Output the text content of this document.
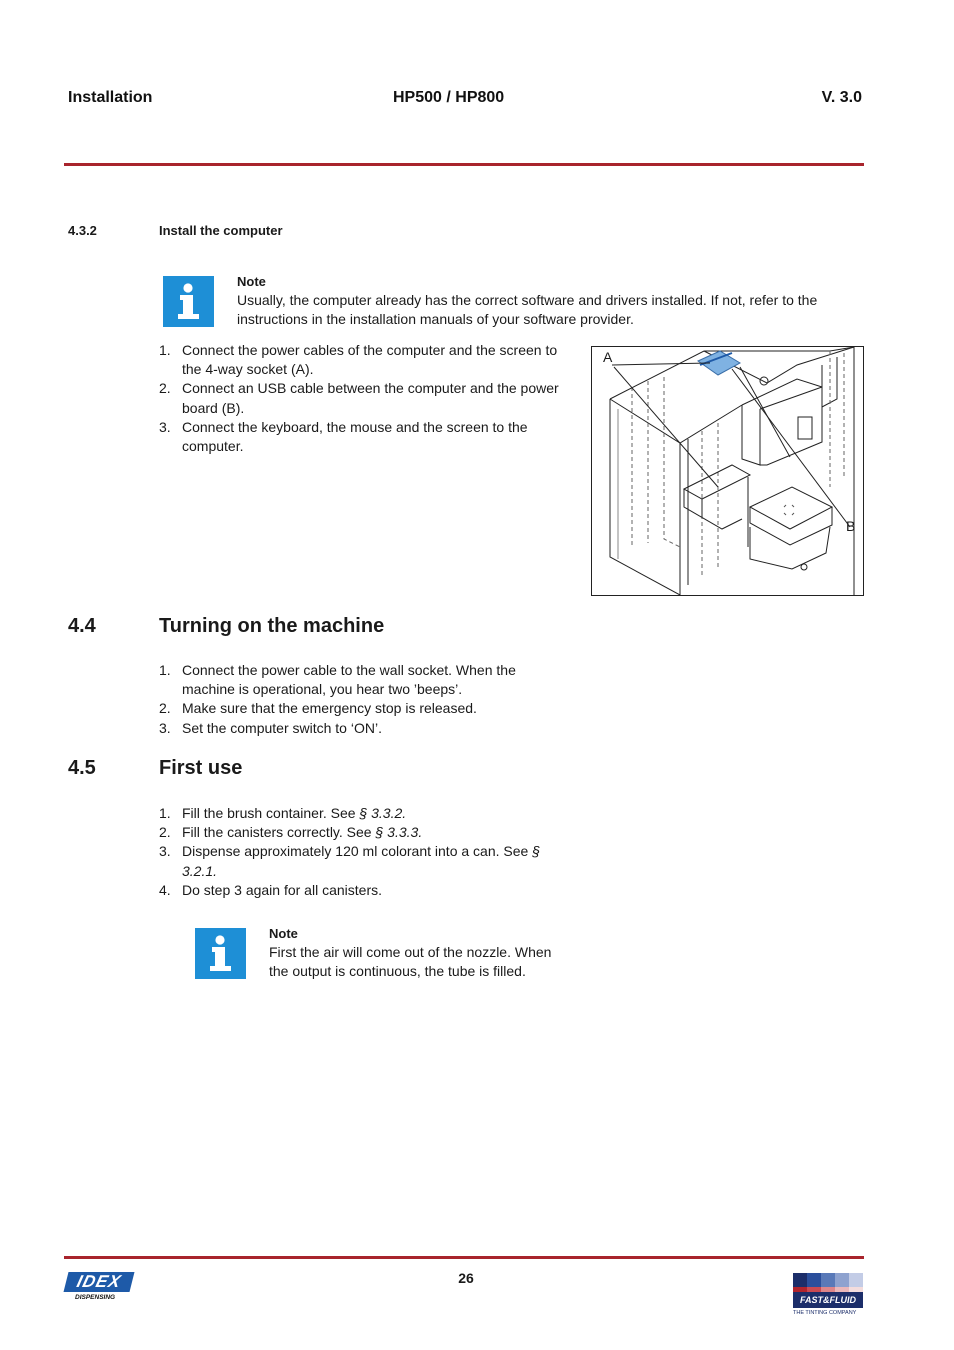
Installation	HP500 / HP800	V. 3.0
4.3.2	Install the computer
Note
Usually, the computer already has the correct software and drivers installed. If not, refer to the instructions in the installation manuals of your software provider.
1. Connect the power cables of the computer and the screen to the 4-way socket (A).
2. Connect an USB cable between the computer and the power board (B).
3. Connect the keyboard, the mouse and the screen to the computer.
A
B
4.4	Turning on the machine
1. Connect the power cable to the wall socket. When the machine is operational, you hear two ’beeps’.
2. Make sure that the emergency stop is released.
3. Set the computer switch to ‘ON’.
4.5	First use
1. Fill the brush container. See § 3.3.2.
2. Fill the canisters correctly. See § 3.3.3.
3. Dispense approximately 120 ml colorant into a can. See § 3.2.1.
4. Do step 3 again for all canisters.
Note
First the air will come out of the nozzle. When the output is continuous, the tube is filled.
26
IDEX
DISPENSING	FAST&FLUID
THE TINTING COMPANY
